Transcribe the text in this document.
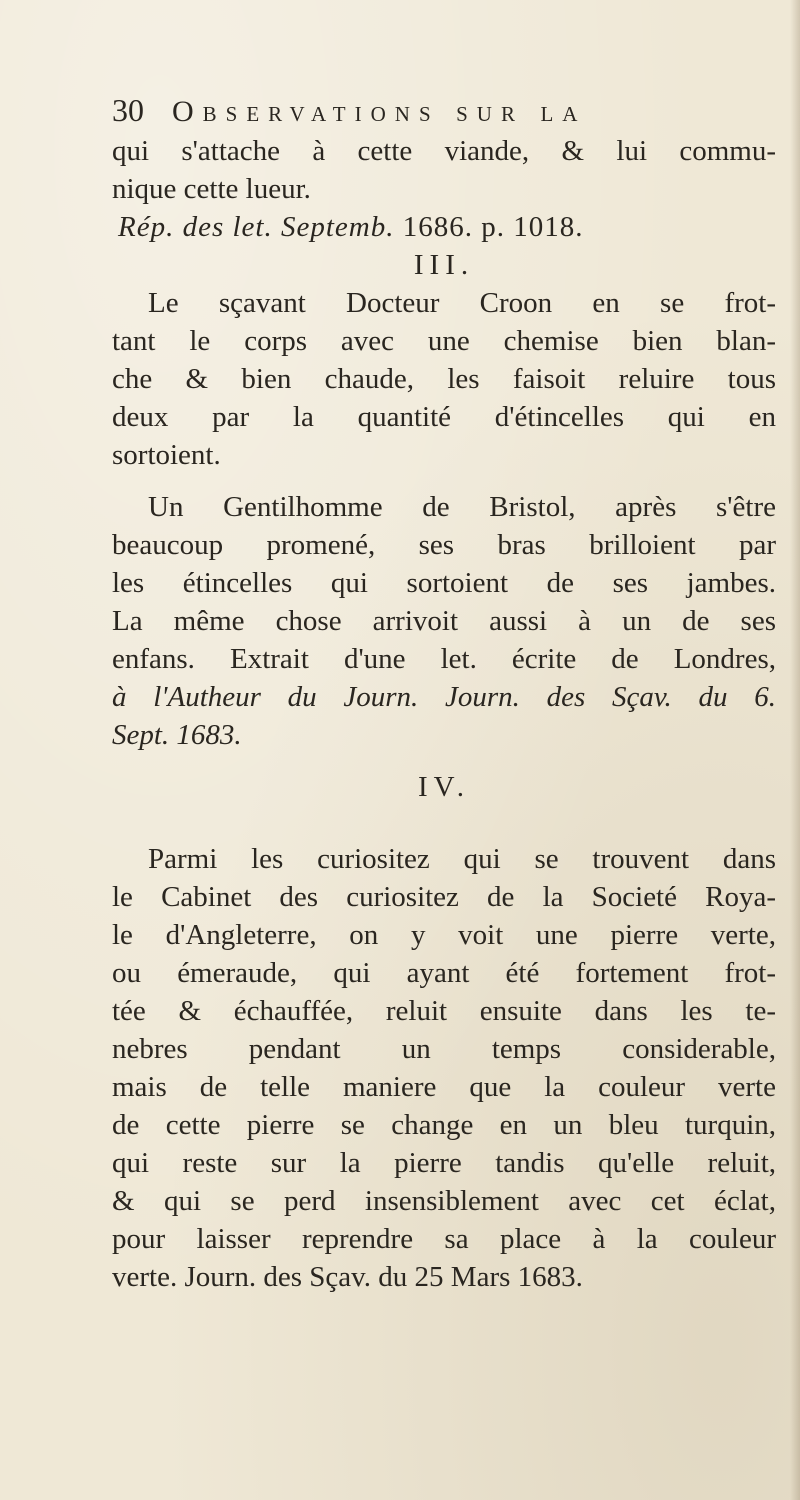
30 Observations sur la
qui s'attache à cette viande, & lui commu-
nique cette lueur.
Rép. des let. Septemb. 1686. p. 1018.
III.
Le sçavant Docteur Croon en se frot-
tant le corps avec une chemise bien blan-
che & bien chaude, les faisoit reluire tous
deux par la quantité d'étincelles qui en
sortoient.
Un Gentilhomme de Bristol, après s'être
beaucoup promené, ses bras brilloient par
les étincelles qui sortoient de ses jambes.
La même chose arrivoit aussi à un de ses
enfans. Extrait d'une let. écrite de Londres,
à l'Autheur du Journ. Journ. des Sçav. du 6.
Sept. 1683.
IV.
Parmi les curiositez qui se trouvent dans
le Cabinet des curiositez de la Societé Roya-
le d'Angleterre, on y voit une pierre verte,
ou émeraude, qui ayant été fortement frot-
tée & échauffée, reluit ensuite dans les te-
nebres pendant un temps considerable,
mais de telle maniere que la couleur verte
de cette pierre se change en un bleu turquin,
qui reste sur la pierre tandis qu'elle reluit,
& qui se perd insensiblement avec cet éclat,
pour laisser reprendre sa place à la couleur
verte. Journ. des Sçav. du 25 Mars 1683.
